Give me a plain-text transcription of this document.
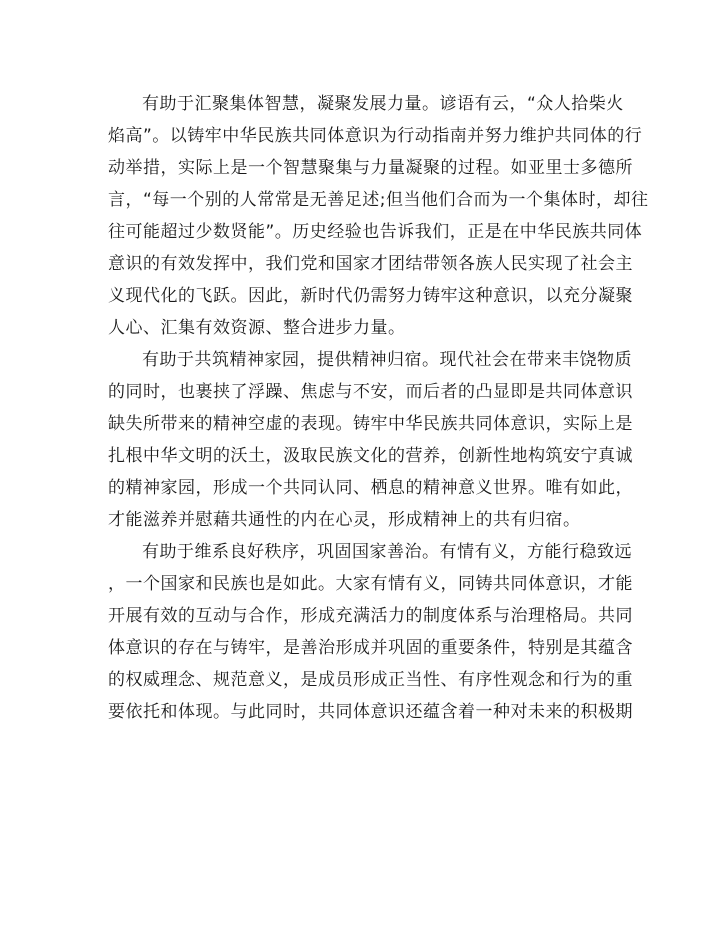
有助于汇聚集体智慧，凝聚发展力量。谚语有云，“众人拾柴火
焰高”。以铸牢中华民族共同体意识为行动指南并努力维护共同体的行
动举措，实际上是一个智慧聚集与力量凝聚的过程。如亚里士多德所
言，“每一个别的人常常是无善足述;但当他们合而为一个集体时，却往
往可能超过少数贤能”。历史经验也告诉我们，正是在中华民族共同体
意识的有效发挥中，我们党和国家才团结带领各族人民实现了社会主
义现代化的飞跃。因此，新时代仍需努力铸牢这种意识，以充分凝聚
人心、汇集有效资源、整合进步力量。
有助于共筑精神家园，提供精神归宿。现代社会在带来丰饶物质
的同时，也裹挟了浮躁、焦虑与不安，而后者的凸显即是共同体意识
缺失所带来的精神空虚的表现。铸牢中华民族共同体意识，实际上是
扎根中华文明的沃土，汲取民族文化的营养，创新性地构筑安宁真诚
的精神家园，形成一个共同认同、栖息的精神意义世界。唯有如此，
才能滋养并慰藉共通性的内在心灵，形成精神上的共有归宿。
有助于维系良好秩序，巩固国家善治。有情有义，方能行稳致远
，一个国家和民族也是如此。大家有情有义，同铸共同体意识，才能
开展有效的互动与合作，形成充满活力的制度体系与治理格局。共同
体意识的存在与铸牢，是善治形成并巩固的重要条件，特别是其蕴含
的权威理念、规范意义，是成员形成正当性、有序性观念和行为的重
要依托和体现。与此同时，共同体意识还蕴含着一种对未来的积极期
